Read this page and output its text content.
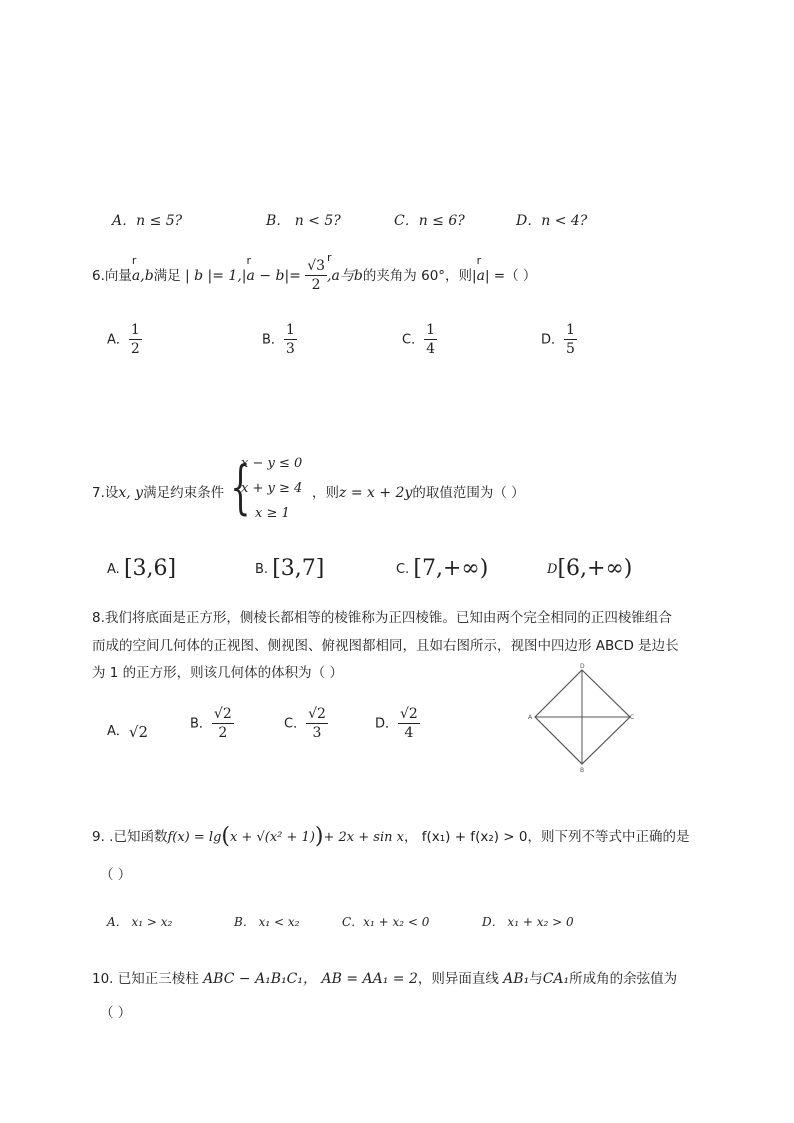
A．n ≤ 5?	B． n < 5?	C．n ≤ 6?	D．n < 4?
6.向量r a,b满足 | b |= 1,|r $a - b|= \frac{√3}{2}$ r ,a与b的夹角为 60°，则|r a| =（ ）
A． $\frac{1}{2}$	B． $\frac{1}{3}$	C． $\frac{1}{4}$	D． $\frac{1}{5}$
7.设x, y满足约束条件 {
x − y ≤ 0
x + y ≥ 4
x ≥ 1
，则z = x + 2y的取值范围为（ ）
A. [3,6]	B. [3,7]	C. [7,+∞)	D[6,+∞)
8.我们将底面是正方形，侧棱长都相等的棱锥称为正四棱锥。已知由两个完全相同的正四棱锥组合
而成的空间几何体的正视图、侧视图、俯视图都相同，且如右图所示，视图中四边形 ABCD 是边长
为 1 的正方形，则该几何体的体积为（ ）
A．√2	B． $\frac{√2}{2}$	C． $\frac{√2}{3}$	D． $\frac{√2}{4}$
D
A	C
B
9. .已知函数f(x) = lg(x + √(x² + 1))+ 2x + sin x， f(x₁) + f(x₂) > 0，则下列不等式中正确的是
（ ）
A． x₁ > x₂	B． x₁ < x₂	C．x₁ + x₂ < 0	D． x₁ + x₂ > 0
10. 已知正三棱柱 ABC − A₁B₁C₁， AB = AA₁ = 2，则异面直线 AB₁与CA₁所成角的余弦值为
（ ）
